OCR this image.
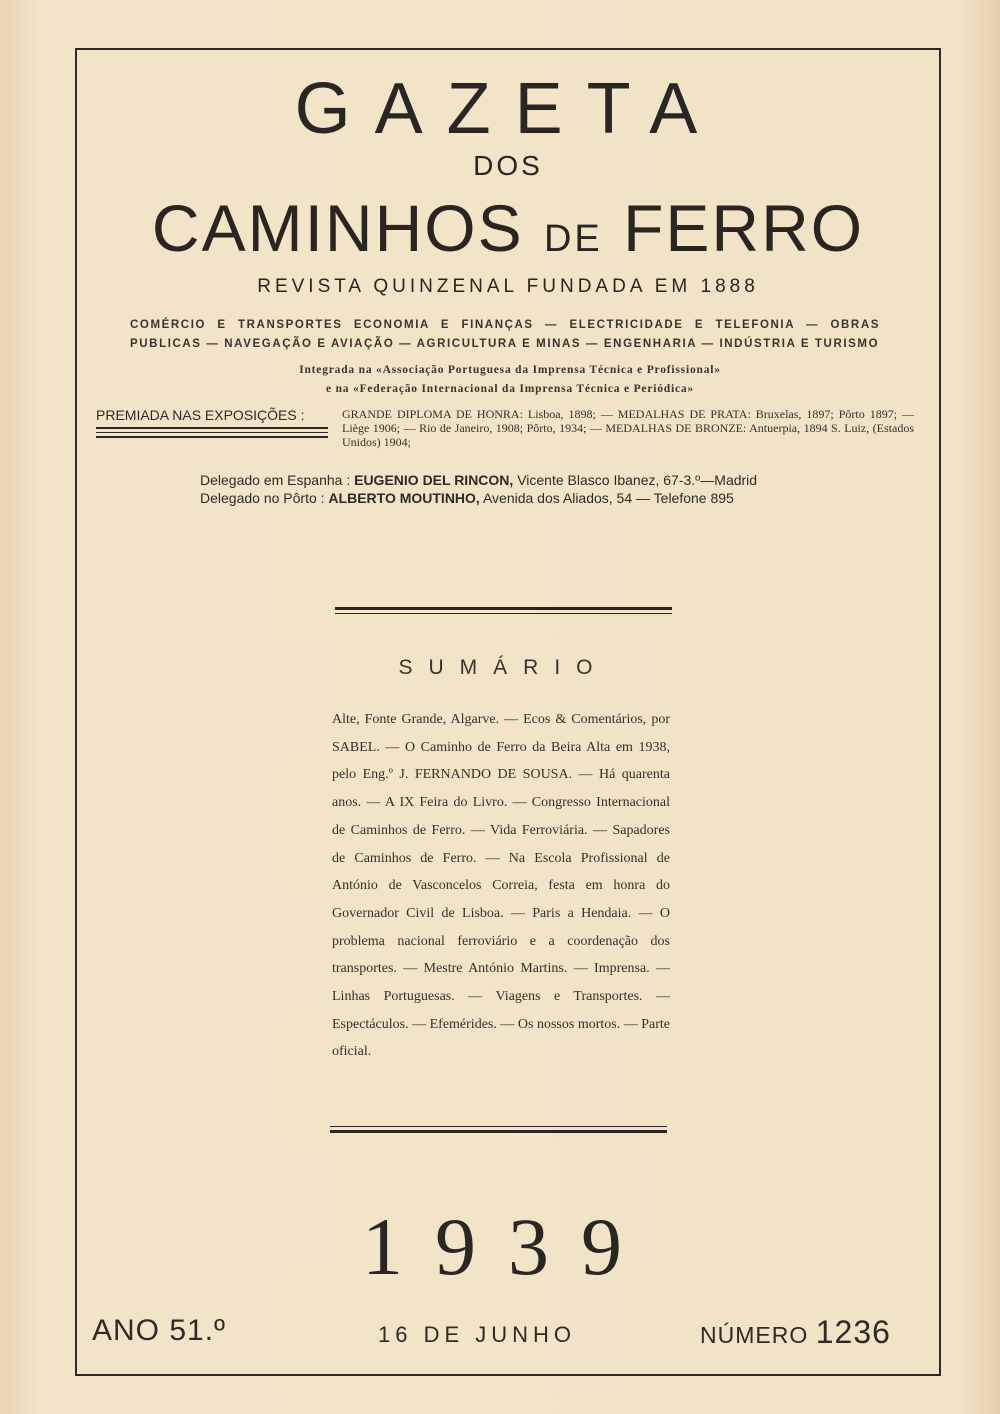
GAZETA
DOS
CAMINHOS DE FERRO
REVISTA QUINZENAL FUNDADA EM 1888
COMÉRCIO E TRANSPORTES ECONOMIA E FINANÇAS — ELECTRICIDADE E TELEFONIA — OBRAS PUBLICAS — NAVEGAÇÃO E AVIAÇÃO — AGRICULTURA E MINAS — ENGENHARIA — INDÚSTRIA E TURISMO
Integrada na «Associação Portuguesa da Imprensa Técnica e Profissional»
e na «Federação Internacional da Imprensa Técnica e Periódica»
PREMIADA NAS EXPOSIÇÕES :	GRANDE DIPLOMA DE HONRA: Lisboa, 1898; — MEDALHAS DE PRATA: Bruxelas, 1897; Pôrto 1897; — Liège 1906; — Rio de Janeiro, 1908; Pôrto, 1934; — MEDALHAS DE BRONZE: Antuerpia, 1894 S. Luiz, (Estados Unidos) 1904;
Delegado em Espanha : EUGENIO DEL RINCON, Vicente Blasco Ibanez, 67-3.º—Madrid
Delegado no Pôrto : ALBERTO MOUTINHO, Avenida dos Aliados, 54 — Telefone 895
SUMÁRIO
Alte, Fonte Grande, Algarve. — Ecos & Comentários, por SABEL. — O Caminho de Ferro da Beira Alta em 1938, pelo Eng.º J. FERNANDO DE SOUSA. — Há quarenta anos. — A IX Feira do Livro. — Congresso Internacional de Caminhos de Ferro. — Vida Ferroviária. — Sapadores de Caminhos de Ferro. — Na Escola Profissional de António de Vasconcelos Correia, festa em honra do Governador Civil de Lisboa. — Paris a Hendaia. — O problema nacional ferroviário e a coordenação dos transportes. — Mestre António Martins. — Imprensa. — Linhas Portuguesas. — Viagens e Transportes. — Espectáculos. — Efemérides. — Os nossos mortos. — Parte oficial.
1939
ANO 51.º	16 DE JUNHO	NÚMERO 1236
